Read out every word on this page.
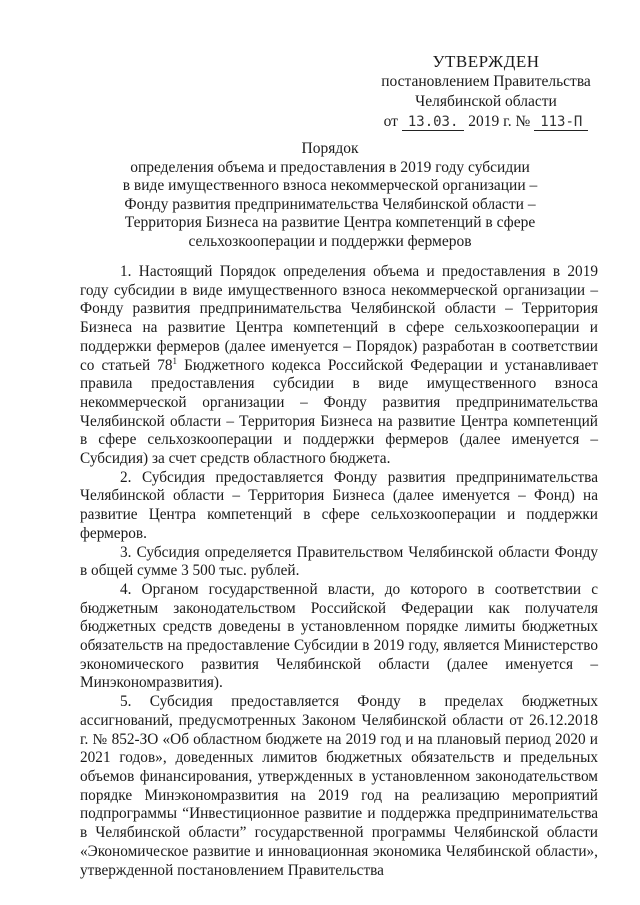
УТВЕРЖДЕН
постановлением Правительства
Челябинской области
от
13.03.
2019 г. №
113-П
Порядок
определения объема и предоставления в 2019 году субсидии
в виде имущественного взноса некоммерческой организации –
Фонду развития предпринимательства Челябинской области –
Территория Бизнеса на развитие Центра компетенций в сфере
сельхозкооперации и поддержки фермеров

1. Настоящий Порядок определения объема и предоставления в 2019 году субсидии в виде имущественного взноса некоммерческой организации – Фонду развития предпринимательства Челябинской области – Территория Бизнеса на развитие Центра компетенций в сфере сельхозкооперации и поддержки фермеров (далее именуется – Порядок) разработан в соответствии со статьей $78^1$ Бюджетного кодекса Российской Федерации и устанавливает правила предоставления субсидии в виде имущественного взноса некоммерческой организации – Фонду развития предпринимательства Челябинской области – Территория Бизнеса на развитие Центра компетенций в сфере сельхозкооперации и поддержки фермеров (далее именуется – Субсидия) за счет средств областного бюджета.

2. Субсидия предоставляется Фонду развития предпринимательства Челябинской области – Территория Бизнеса (далее именуется – Фонд) на развитие Центра компетенций в сфере сельхозкооперации и поддержки фермеров.

3. Субсидия определяется Правительством Челябинской области Фонду в общей сумме 3 500 тыс. рублей.

4. Органом государственной власти, до которого в соответствии с бюджетным законодательством Российской Федерации как получателя бюджетных средств доведены в установленном порядке лимиты бюджетных обязательств на предоставление Субсидии в 2019 году, является Министерство экономического развития Челябинской области (далее именуется – Минэкономразвития).

5. Субсидия предоставляется Фонду в пределах бюджетных ассигнований, предусмотренных Законом Челябинской области от 26.12.2018 г. № 852-ЗО «Об областном бюджете на 2019 год и на плановый период 2020 и 2021 годов», доведенных лимитов бюджетных обязательств и предельных объемов финансирования, утвержденных в установленном законодательством порядке Минэкономразвития на 2019 год на реализацию мероприятий подпрограммы “Инвестиционное развитие и поддержка предпринимательства в Челябинской области” государственной программы Челябинской области «Экономическое развитие и инновационная экономика Челябинской области», утвержденной постановлением Правительства
